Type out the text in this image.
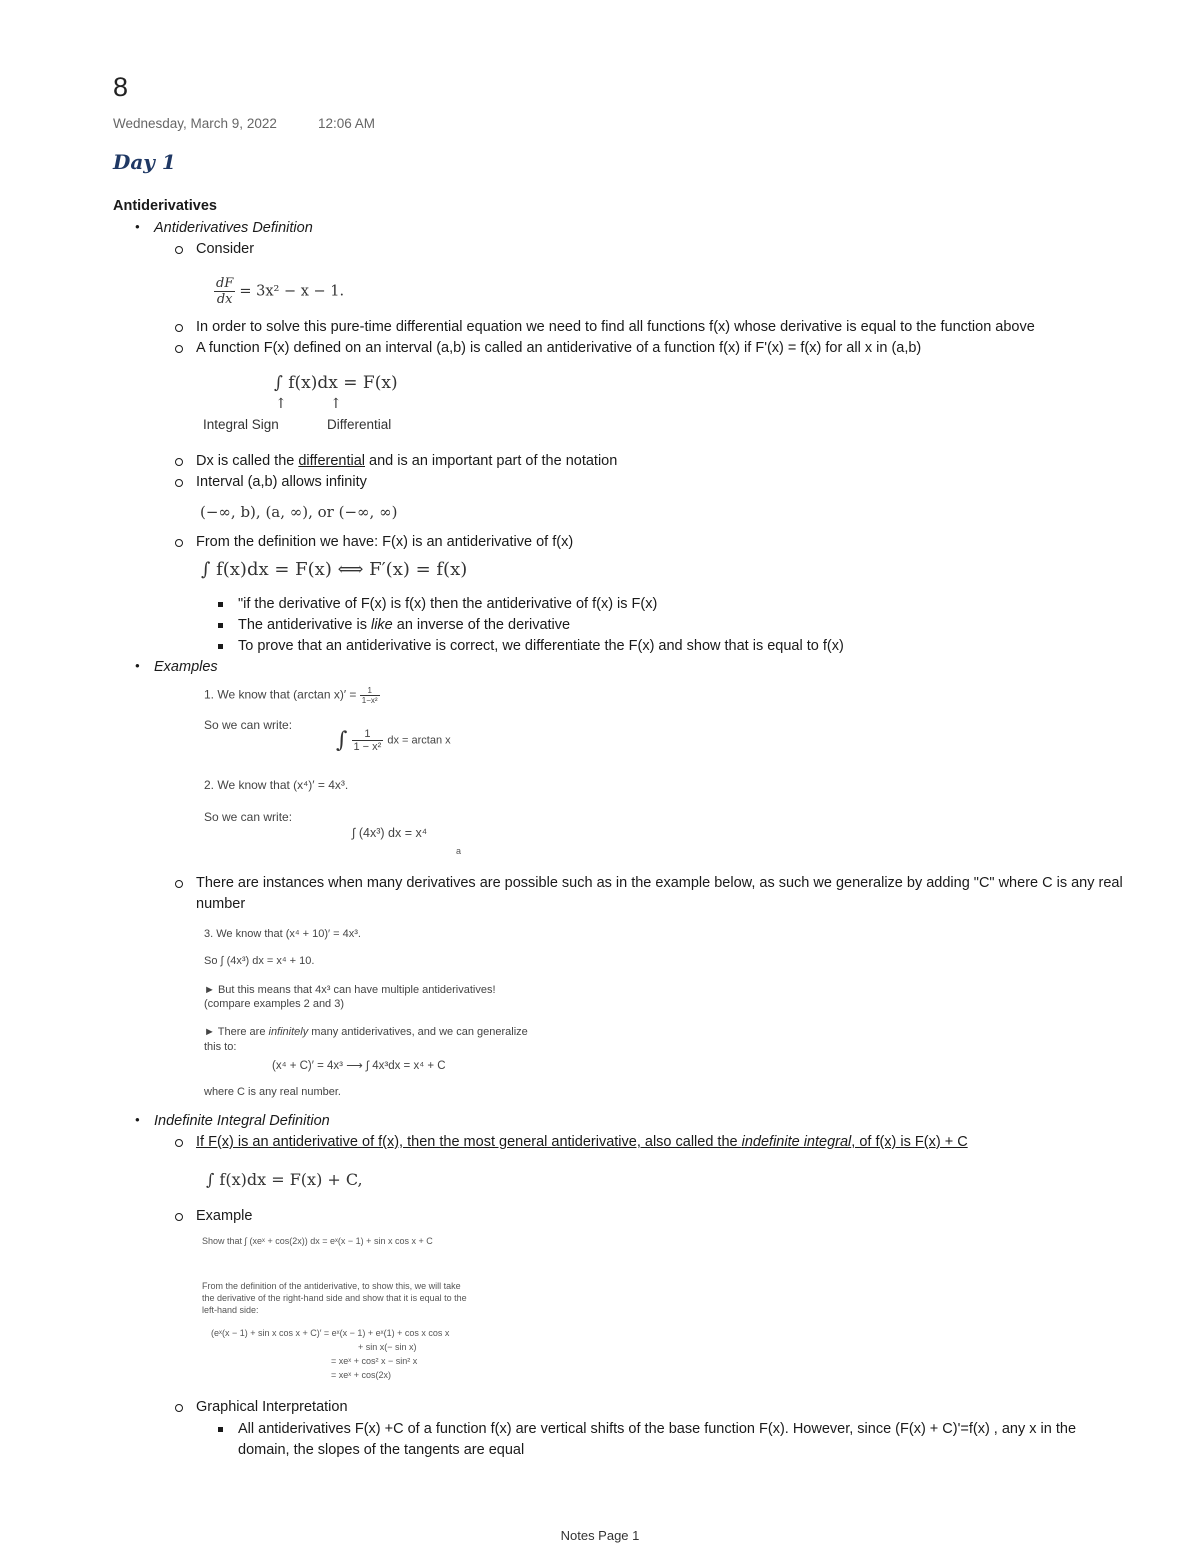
8
Wednesday, March 9, 2022	12:06 AM
Day 1
Antiderivatives
• Antiderivatives Definition
Consider
$\frac{dF}{dx} = 3x^2 - x - 1$.
In order to solve this pure-time differential equation we need to find all functions f(x) whose derivative is equal to the function above
A function F(x) defined on an interval (a,b) is called an antiderivative of a function f(x) if F'(x) = f(x) for all x in (a,b)
∫ f(x)dx = F(x)
↑	↑
Integral Sign	Differential
Dx is called the differential and is an important part of the notation
Interval (a,b) allows infinity
(−∞, b), (a, ∞), or (−∞, ∞)
From the definition we have: F(x) is an antiderivative of f(x)
∫ f(x)dx = F(x) ⟺ F′(x) = f(x)
"if the derivative of F(x) is f(x) then the antiderivative of f(x) is F(x)
The antiderivative is like an inverse of the derivative
To prove that an antiderivative is correct, we differentiate the F(x) and show that is equal to f(x)
• Examples
1. We know that (arctan $x)' = \frac{1}{\text{1−x²}}$
So we can write:
∫ $\frac{1}{\text{1 − x²}}$ dx = arctan x
2. We know that (x⁴)′ = 4x³.
So we can write:
∫ (4x³) dx = x⁴
a
There are instances when many derivatives are possible such as in the example below, as such we generalize by adding "C" where C is any real
number
3. We know that (x⁴ + 10)′ = 4x³.
So ∫ (4x³) dx = x⁴ + 10.
► But this means that 4x³ can have multiple antiderivatives!
(compare examples 2 and 3)
► There are infinitely many antiderivatives, and we can generalize
this to:
(x⁴ + C)′ = 4x³ ⟶ ∫ 4x³dx = x⁴ + C
where C is any real number.
• Indefinite Integral Definition
If F(x) is an antiderivative of f(x), then the most general antiderivative, also called the indefinite integral, of f(x) is F(x) + C
∫ f(x)dx = F(x) + C,
Example
Show that ∫ (xeˣ + cos(2x)) dx = eˣ(x − 1) + sin x cos x + C
From the definition of the antiderivative, to show this, we will take
the derivative of the right-hand side and show that it is equal to the
left-hand side:
(eˣ(x − 1) + sin x cos x + C)′ = eˣ(x − 1) + eˣ(1) + cos x cos x
+ sin x(− sin x)
= xeˣ + cos² x − sin² x
= xeˣ + cos(2x)
Graphical Interpretation
All antiderivatives F(x) +C of a function f(x) are vertical shifts of the base function F(x). However, since (F(x) + C)'=f(x) , any x in the
domain, the slopes of the tangents are equal
Notes Page 1
